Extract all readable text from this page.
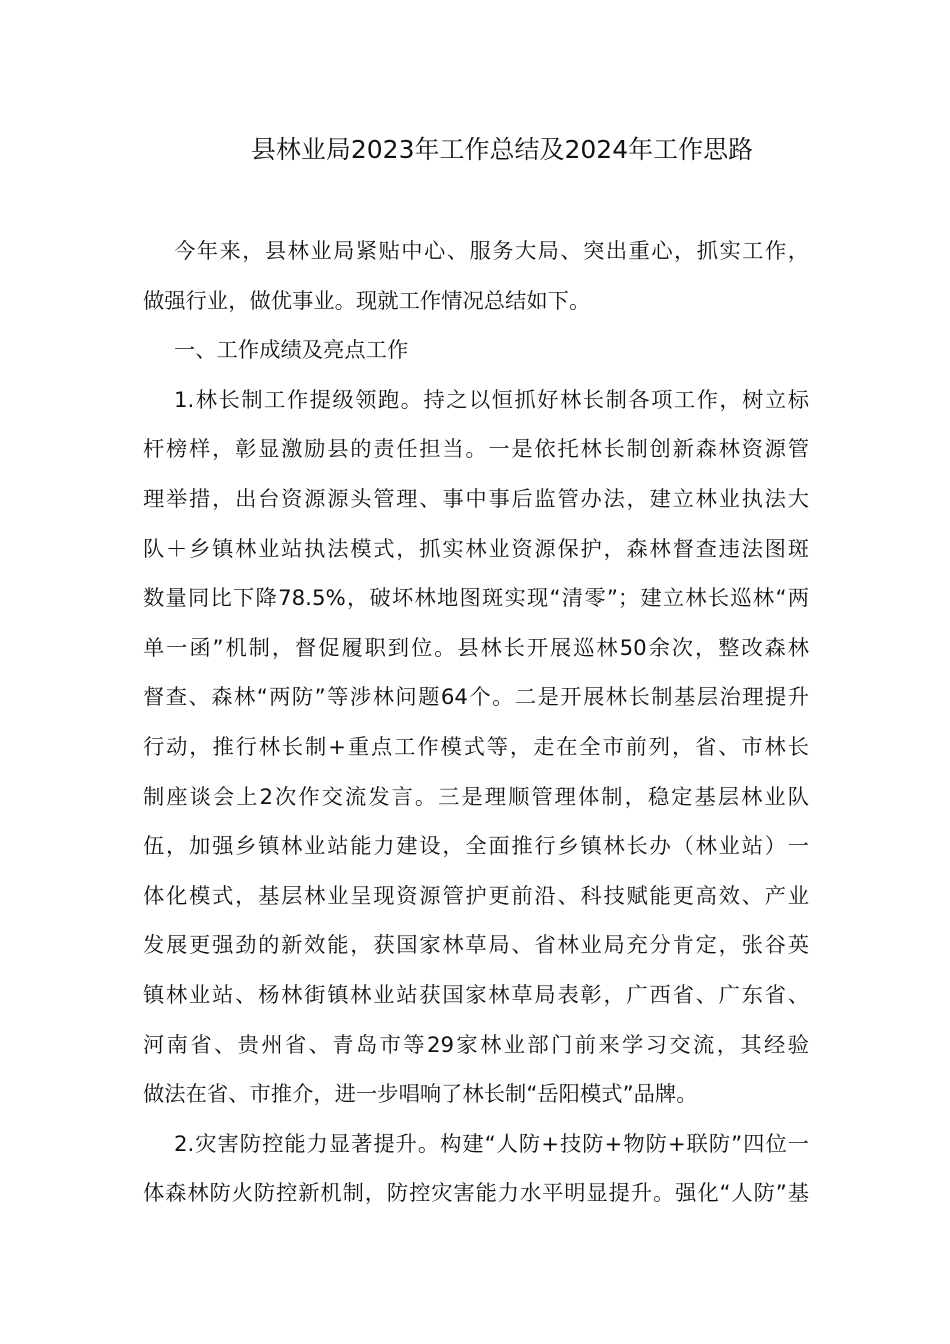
县林业局2023年工作总结及2024年工作思路
今年来，县林业局紧贴中心、服务大局、突出重心，抓实工作，
做强行业，做优事业。现就工作情况总结如下。
一、工作成绩及亮点工作
1.林长制工作提级领跑。持之以恒抓好林长制各项工作，树立标
杆榜样，彰显激励县的责任担当。一是依托林长制创新森林资源管
理举措，出台资源源头管理、事中事后监管办法，建立林业执法大
队＋乡镇林业站执法模式，抓实林业资源保护，森林督查违法图斑
数量同比下降78.5%，破坏林地图斑实现“清零”；建立林长巡林“两
单一函”机制，督促履职到位。县林长开展巡林50余次，整改森林
督查、森林“两防”等涉林问题64个。二是开展林长制基层治理提升
行动，推行林长制+重点工作模式等，走在全市前列，省、市林长
制座谈会上2次作交流发言。三是理顺管理体制，稳定基层林业队
伍，加强乡镇林业站能力建设，全面推行乡镇林长办（林业站）一
体化模式，基层林业呈现资源管护更前沿、科技赋能更高效、产业
发展更强劲的新效能，获国家林草局、省林业局充分肯定，张谷英
镇林业站、杨林街镇林业站获国家林草局表彰，广西省、广东省、
河南省、贵州省、青岛市等29家林业部门前来学习交流，其经验
做法在省、市推介，进一步唱响了林长制“岳阳模式”品牌。
2.灾害防控能力显著提升。构建“人防+技防+物防+联防”四位一
体森林防火防控新机制，防控灾害能力水平明显提升。强化“人防”基
